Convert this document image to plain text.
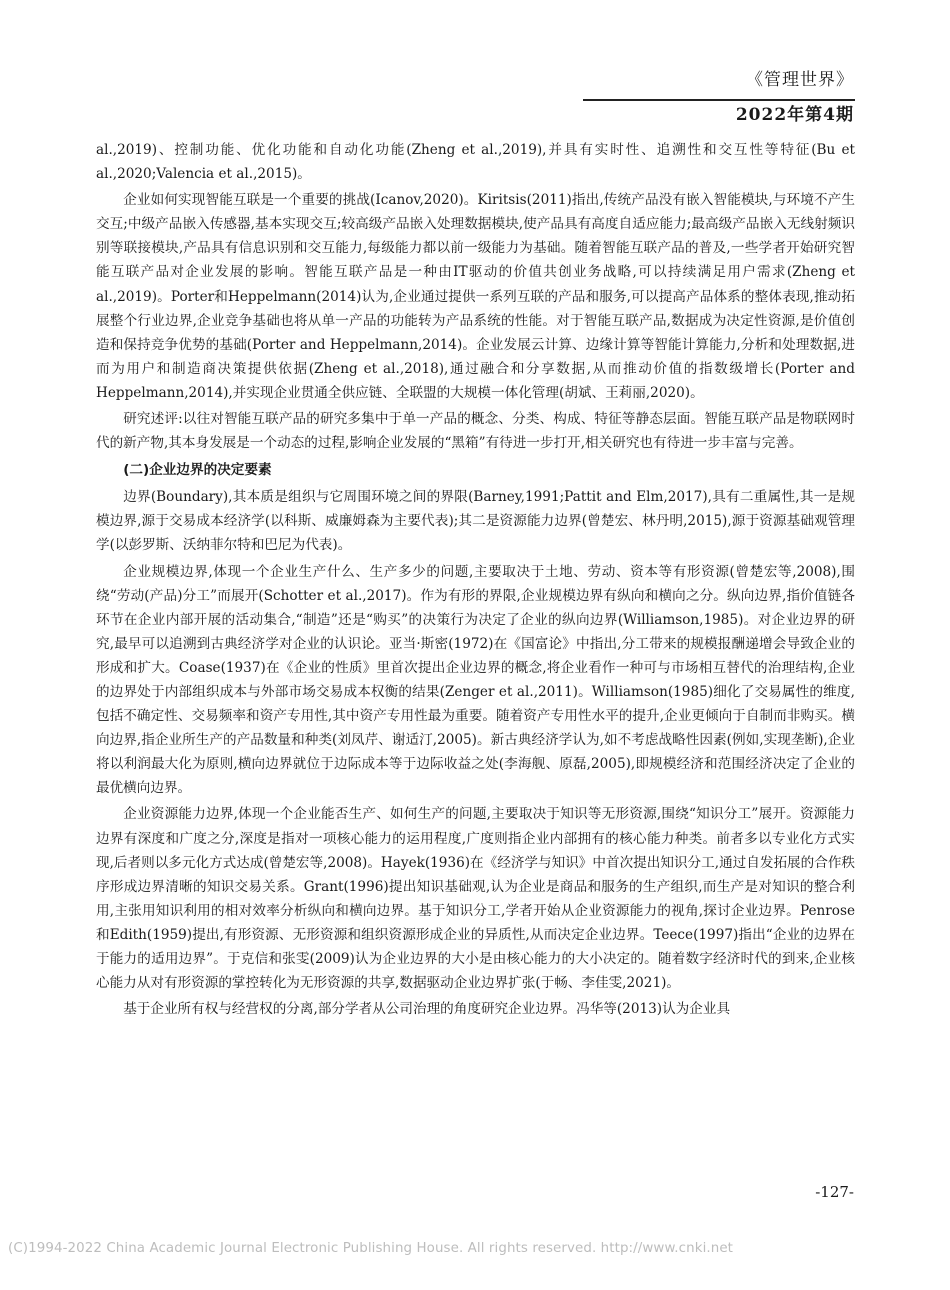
《管理世界》
2022年第4期

al.,2019)、控制功能、优化功能和自动化功能(Zheng et al.,2019),并具有实时性、追溯性和交互性等特征(Bu et al.,2020;Valencia et al.,2015)。

企业如何实现智能互联是一个重要的挑战(Icanov,2020)。Kiritsis(2011)指出,传统产品没有嵌入智能模块,与环境不产生交互;中级产品嵌入传感器,基本实现交互;较高级产品嵌入处理数据模块,使产品具有高度自适应能力;最高级产品嵌入无线射频识别等联接模块,产品具有信息识别和交互能力,每级能力都以前一级能力为基础。随着智能互联产品的普及,一些学者开始研究智能互联产品对企业发展的影响。智能互联产品是一种由IT驱动的价值共创业务战略,可以持续满足用户需求(Zheng et al.,2019)。Porter和Heppelmann(2014)认为,企业通过提供一系列互联的产品和服务,可以提高产品体系的整体表现,推动拓展整个行业边界,企业竞争基础也将从单一产品的功能转为产品系统的性能。对于智能互联产品,数据成为决定性资源,是价值创造和保持竞争优势的基础(Porter and Heppelmann,2014)。企业发展云计算、边缘计算等智能计算能力,分析和处理数据,进而为用户和制造商决策提供依据(Zheng et al.,2018),通过融合和分享数据,从而推动价值的指数级增长(Porter and Heppelmann,2014),并实现企业贯通全供应链、全联盟的大规模一体化管理(胡斌、王莉丽,2020)。

研究述评:以往对智能互联产品的研究多集中于单一产品的概念、分类、构成、特征等静态层面。智能互联产品是物联网时代的新产物,其本身发展是一个动态的过程,影响企业发展的“黑箱”有待进一步打开,相关研究也有待进一步丰富与完善。

(二)企业边界的决定要素

边界(Boundary),其本质是组织与它周围环境之间的界限(Barney,1991;Pattit and Elm,2017),具有二重属性,其一是规模边界,源于交易成本经济学(以科斯、威廉姆森为主要代表);其二是资源能力边界(曾楚宏、林丹明,2015),源于资源基础观管理学(以彭罗斯、沃纳菲尔特和巴尼为代表)。

企业规模边界,体现一个企业生产什么、生产多少的问题,主要取决于土地、劳动、资本等有形资源(曾楚宏等,2008),围绕“劳动(产品)分工”而展开(Schotter et al.,2017)。作为有形的界限,企业规模边界有纵向和横向之分。纵向边界,指价值链各环节在企业内部开展的活动集合,“制造”还是“购买”的决策行为决定了企业的纵向边界(Williamson,1985)。对企业边界的研究,最早可以追溯到古典经济学对企业的认识论。亚当·斯密(1972)在《国富论》中指出,分工带来的规模报酬递增会导致企业的形成和扩大。Coase(1937)在《企业的性质》里首次提出企业边界的概念,将企业看作一种可与市场相互替代的治理结构,企业的边界处于内部组织成本与外部市场交易成本权衡的结果(Zenger et al.,2011)。Williamson(1985)细化了交易属性的维度,包括不确定性、交易频率和资产专用性,其中资产专用性最为重要。随着资产专用性水平的提升,企业更倾向于自制而非购买。横向边界,指企业所生产的产品数量和种类(刘凤芹、谢适汀,2005)。新古典经济学认为,如不考虑战略性因素(例如,实现垄断),企业将以利润最大化为原则,横向边界就位于边际成本等于边际收益之处(李海舰、原磊,2005),即规模经济和范围经济决定了企业的最优横向边界。

企业资源能力边界,体现一个企业能否生产、如何生产的问题,主要取决于知识等无形资源,围绕“知识分工”展开。资源能力边界有深度和广度之分,深度是指对一项核心能力的运用程度,广度则指企业内部拥有的核心能力种类。前者多以专业化方式实现,后者则以多元化方式达成(曾楚宏等,2008)。Hayek(1936)在《经济学与知识》中首次提出知识分工,通过自发拓展的合作秩序形成边界清晰的知识交易关系。Grant(1996)提出知识基础观,认为企业是商品和服务的生产组织,而生产是对知识的整合利用,主张用知识利用的相对效率分析纵向和横向边界。基于知识分工,学者开始从企业资源能力的视角,探讨企业边界。Penrose和Edith(1959)提出,有形资源、无形资源和组织资源形成企业的异质性,从而决定企业边界。Teece(1997)指出“企业的边界在于能力的适用边界”。于克信和张雯(2009)认为企业边界的大小是由核心能力的大小决定的。随着数字经济时代的到来,企业核心能力从对有形资源的掌控转化为无形资源的共享,数据驱动企业边界扩张(于畅、李佳雯,2021)。

基于企业所有权与经营权的分离,部分学者从公司治理的角度研究企业边界。冯华等(2013)认为企业具

-127-
(C)1994-2022 China Academic Journal Electronic Publishing House. All rights reserved. http://www.cnki.net
